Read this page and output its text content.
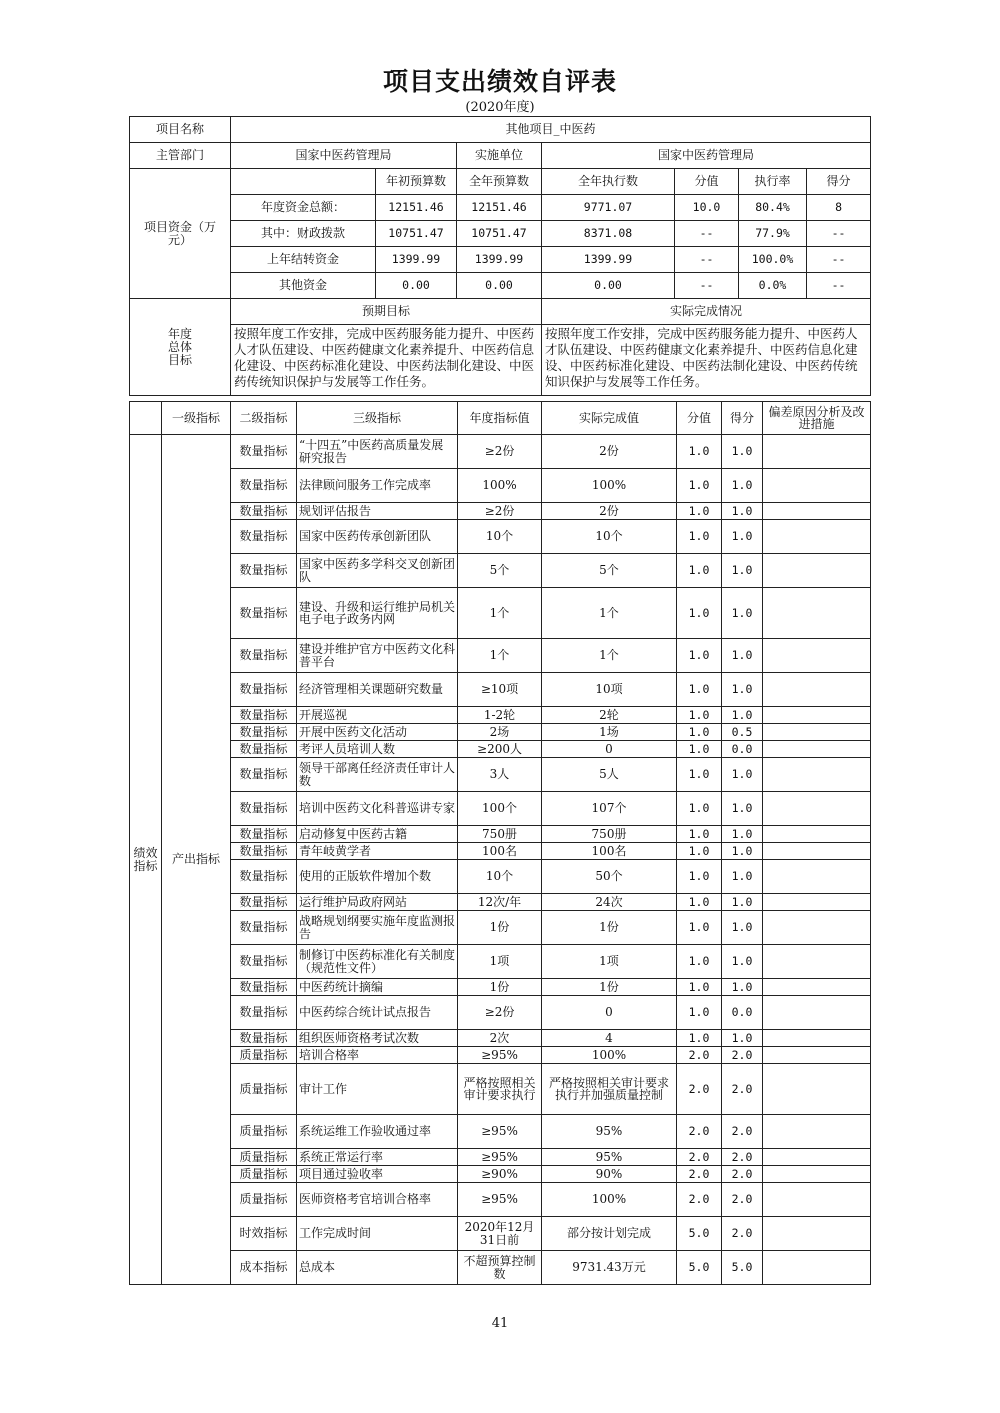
项目支出绩效自评表
(2020年度)
项目名称	其他项目_中医药						
主管部门	国家中医药管理局		实施单位	国家中医药管理局			
项目资金（万
元）		年初预算数	全年预算数	全年执行数	分值	执行率	得分
	年度资金总额：	12151.46	12151.46	9771.07	10.0	80.4%	8
	其中：财政拨款	10751.47	10751.47	8371.08	--	77.9%	--
	上年结转资金	1399.99	1399.99	1399.99	--	100.0%	--
	其他资金	0.00	0.00	0.00	--	0.0%	--
年度
总体
目标	预期目标			实际完成情况			
	按照年度工作安排，完成中医药服务能力提升、中医药人才队伍建设、中医药健康文化素养提升、中医药信息化建设、中医药标准化建设、中医药法制化建设、中医药传统知识保护与发展等工作任务。			按照年度工作安排，完成中医药服务能力提升、中医药人才队伍建设、中医药健康文化素养提升、中医药信息化建设、中医药标准化建设、中医药法制化建设、中医药传统知识保护与发展等工作任务。			
	一级指标	二级指标	三级指标	年度指标值	实际完成值	分值	得分	偏差原因分析及改进措施
绩效
指标	产出指标	数量指标	“十四五”中医药高质量发展研究报告	≥2份	2份	1.0	1.0	
		数量指标	法律顾问服务工作完成率	100%	100%	1.0	1.0	
		数量指标	规划评估报告	≥2份	2份	1.0	1.0	
		数量指标	国家中医药传承创新团队	10个	10个	1.0	1.0	
		数量指标	国家中医药多学科交叉创新团队	5个	5个	1.0	1.0	
		数量指标	建设、升级和运行维护局机关电子电子政务内网	1个	1个	1.0	1.0	
		数量指标	建设并维护官方中医药文化科普平台	1个	1个	1.0	1.0	
		数量指标	经济管理相关课题研究数量	≥10项	10项	1.0	1.0	
		数量指标	开展巡视	1-2轮	2轮	1.0	1.0	
		数量指标	开展中医药文化活动	2场	1场	1.0	0.5	
		数量指标	考评人员培训人数	≥200人	0	1.0	0.0	
		数量指标	领导干部离任经济责任审计人数	3人	5人	1.0	1.0	
		数量指标	培训中医药文化科普巡讲专家	100个	107个	1.0	1.0	
		数量指标	启动修复中医药古籍	750册	750册	1.0	1.0	
		数量指标	青年岐黄学者	100名	100名	1.0	1.0	
		数量指标	使用的正版软件增加个数	10个	50个	1.0	1.0	
		数量指标	运行维护局政府网站	12次/年	24次	1.0	1.0	
		数量指标	战略规划纲要实施年度监测报告	1份	1份	1.0	1.0	
		数量指标	制修订中医药标准化有关制度（规范性文件）	1项	1项	1.0	1.0	
		数量指标	中医药统计摘编	1份	1份	1.0	1.0	
		数量指标	中医药综合统计试点报告	≥2份	0	1.0	0.0	
		数量指标	组织医师资格考试次数	2次	4	1.0	1.0	
		质量指标	培训合格率	≥95%	100%	2.0	2.0	
		质量指标	审计工作	严格按照相关审计要求执行	严格按照相关审计要求执行并加强质量控制	2.0	2.0	
		质量指标	系统运维工作验收通过率	≥95%	95%	2.0	2.0	
		质量指标	系统正常运行率	≥95%	95%	2.0	2.0	
		质量指标	项目通过验收率	≥90%	90%	2.0	2.0	
		质量指标	医师资格考官培训合格率	≥95%	100%	2.0	2.0	
		时效指标	工作完成时间	2020年12月31日前	部分按计划完成	5.0	2.0	
		成本指标	总成本	不超预算控制数	9731.43万元	5.0	5.0	
41
